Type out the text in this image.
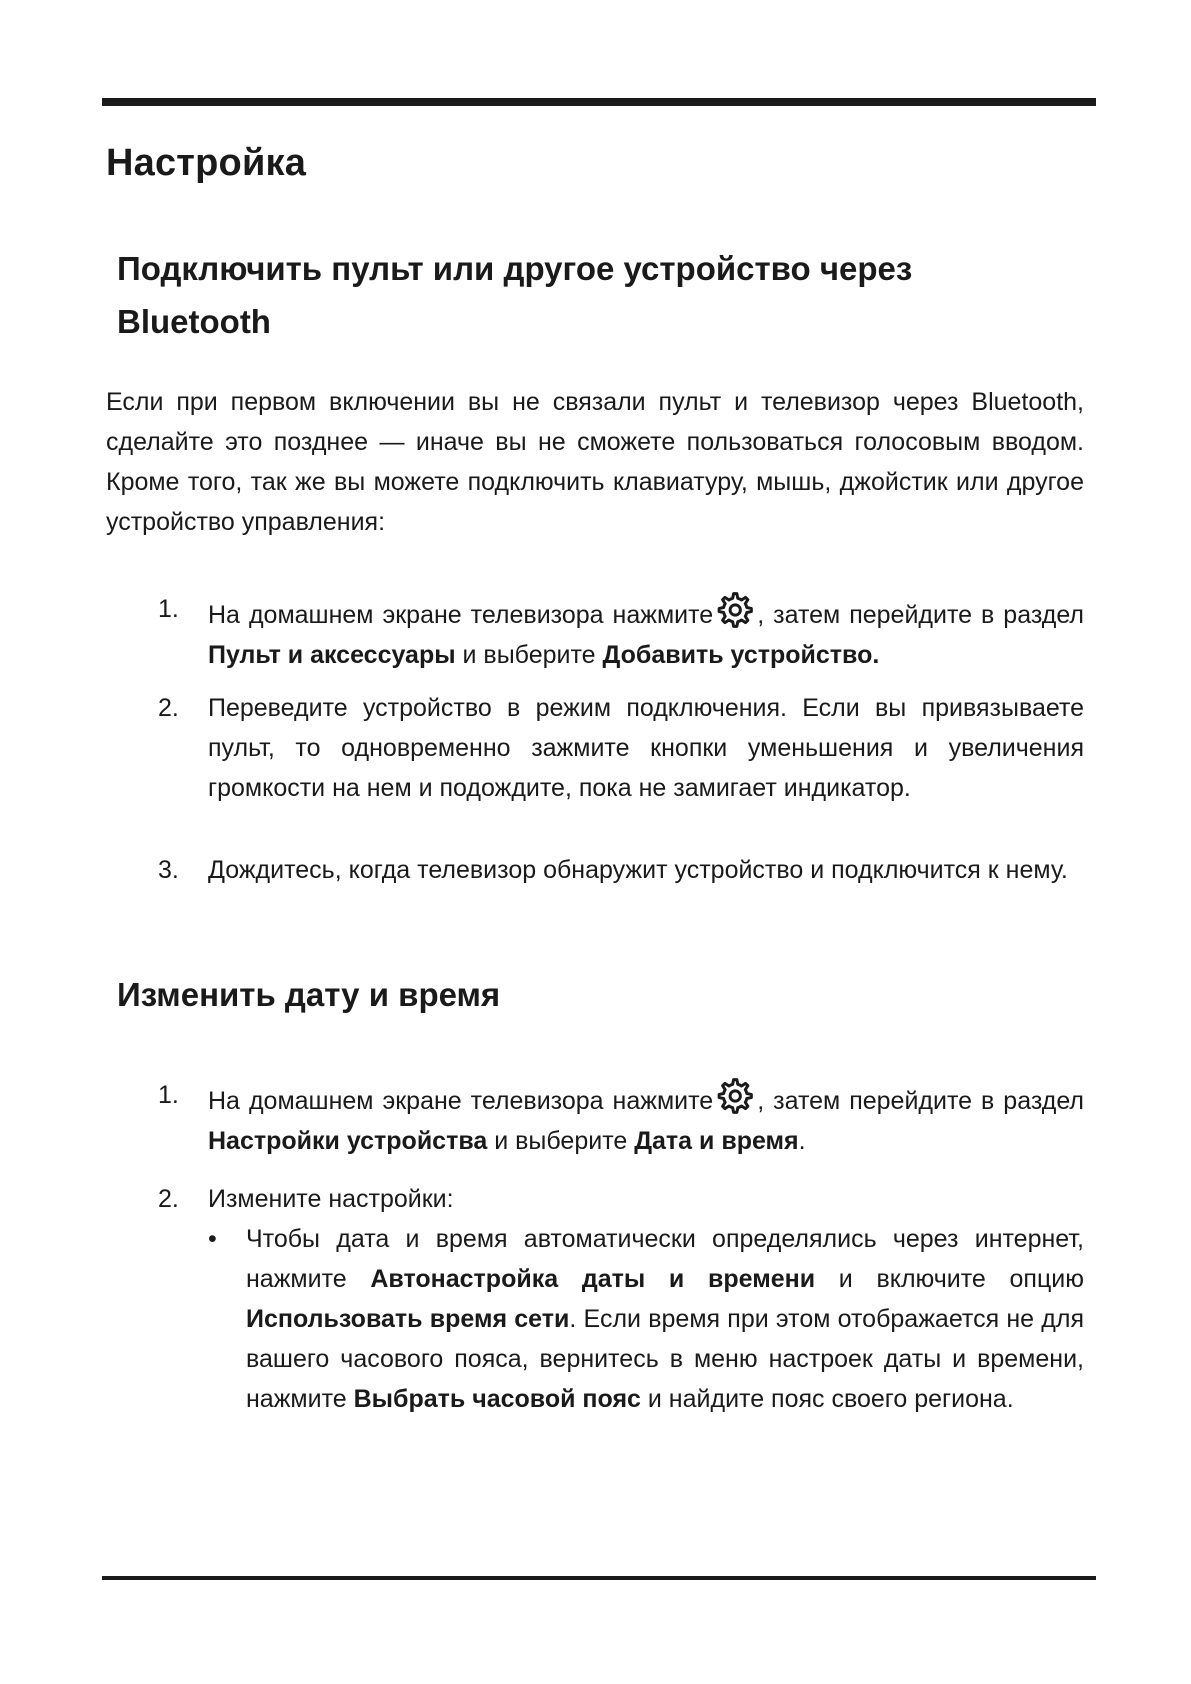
Настройка
Подключить пульт или другое устройство через Bluetooth

Если при первом включении вы не связали пульт и телевизор через Bluetooth, сделайте это позднее — иначе вы не сможете пользоваться голосовым вводом. Кроме того, так же вы можете подключить клавиатуру, мышь, джойстик или другое устройство управления:

1. На домашнем экране телевизора нажмите , затем перейдите в раздел Пульт и аксессуары и выберите Добавить устройство.
2. Переведите устройство в режим подключения. Если вы привязываете пульт, то одновременно зажмите кнопки уменьшения и увеличения громкости на нем и подождите, пока не замигает индикатор.
3. Дождитесь, когда телевизор обнаружит устройство и подключится к нему.
Изменить дату и время
1. На домашнем экране телевизора нажмите , затем перейдите в раздел Настройки устройства и выберите Дата и время.
2. Измените настройки:
• Чтобы дата и время автоматически определялись через интернет, нажмите Автонастройка даты и времени и включите опцию Использовать время сети. Если время при этом отображается не для вашего часового пояса, вернитесь в меню настроек даты и времени, нажмите Выбрать часовой пояс и найдите пояс своего региона.
